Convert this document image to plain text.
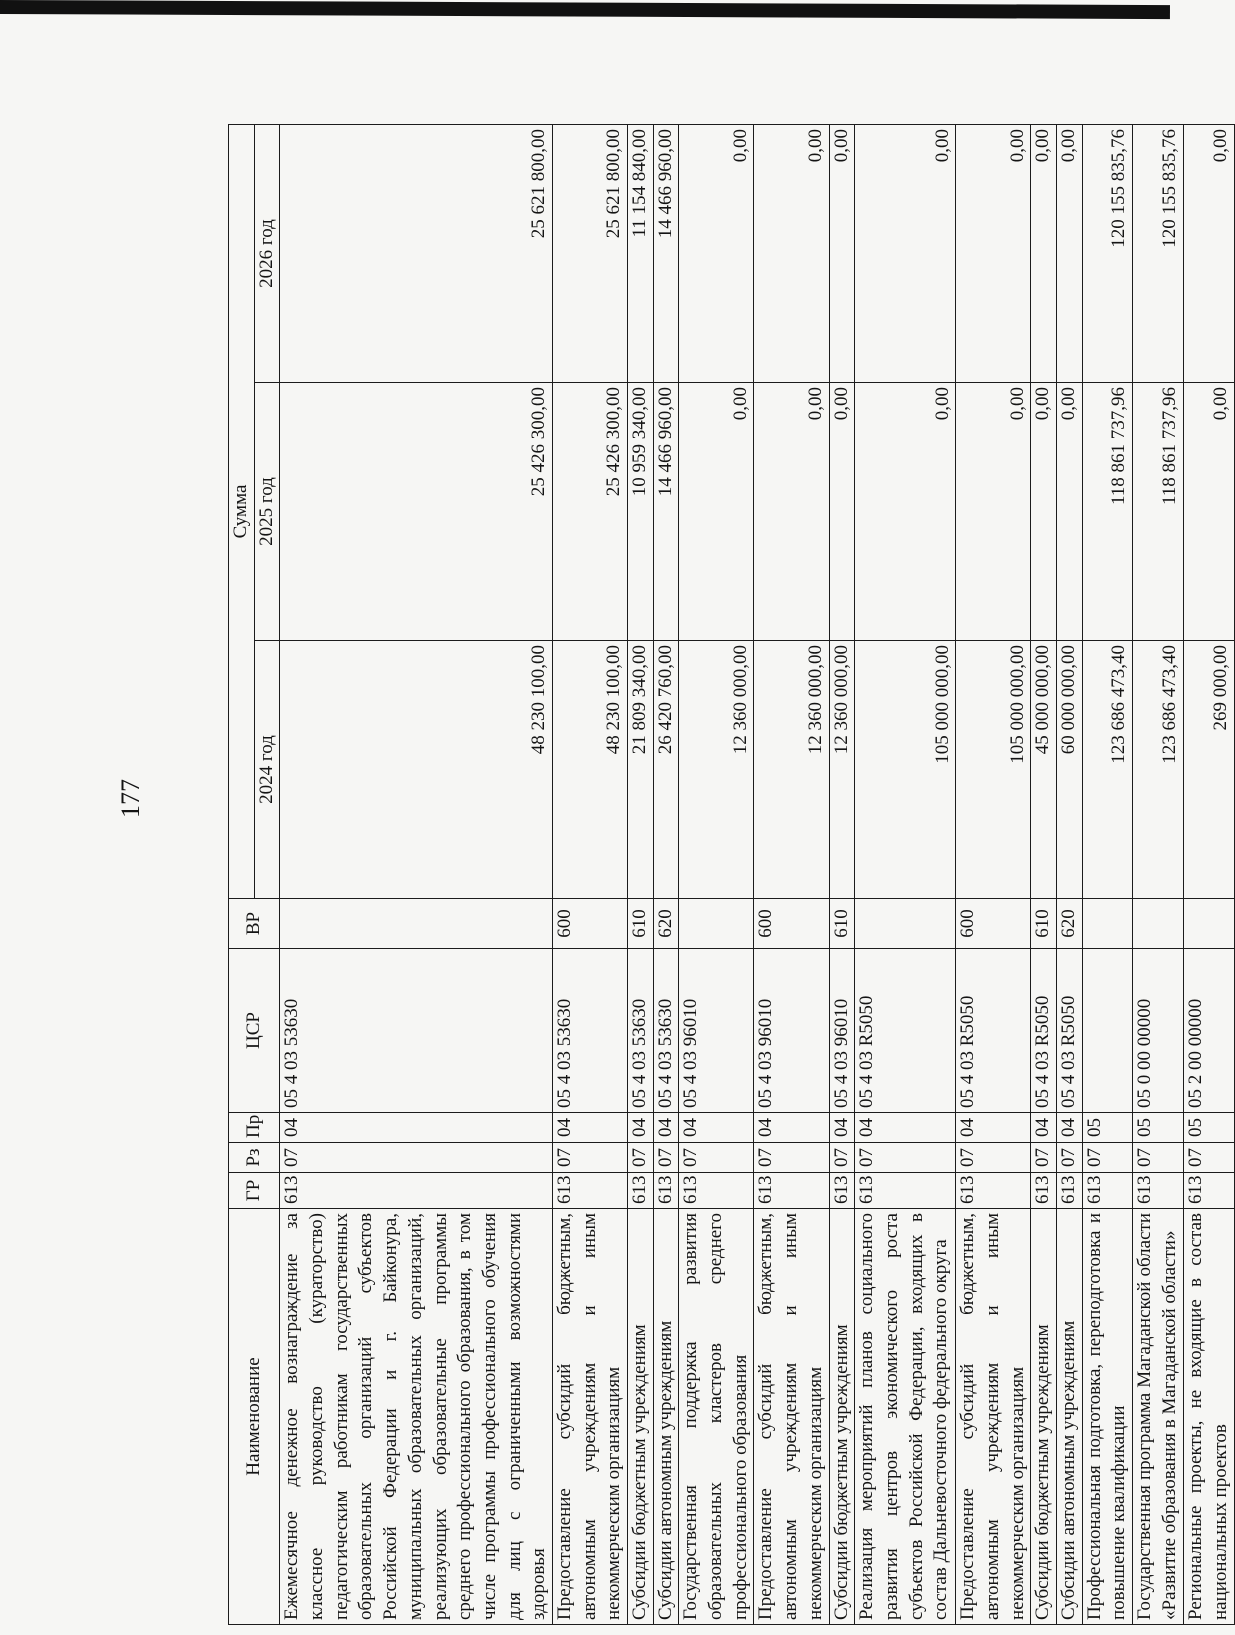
177
Наименование	ГР	Рз	Пр	ЦСР	ВР	Сумма		
						2024 год	2025 год	2026 год
Ежемесячное денежное вознаграждение за классное руководство (кураторство) педагогическим работникам государственных образовательных организаций субъектов Российской Федерации и г. Байконура, муниципальных образовательных организаций, реализующих образовательные программы среднего профессионального образования, в том числе программы профессионального обучения для лиц с ограниченными возможностями здоровья	613	07	04	05 4 03 53630		48 230 100,00	25 426 300,00	25 621 800,00
Предоставление субсидий бюджетным, автономным учреждениям и иным некоммерческим организациям	613	07	04	05 4 03 53630	600	48 230 100,00	25 426 300,00	25 621 800,00
Субсидии бюджетным учреждениям	613	07	04	05 4 03 53630	610	21 809 340,00	10 959 340,00	11 154 840,00
Субсидии автономным учреждениям	613	07	04	05 4 03 53630	620	26 420 760,00	14 466 960,00	14 466 960,00
Государственная поддержка развития образовательных кластеров среднего профессионального образования	613	07	04	05 4 03 96010		12 360 000,00	0,00	0,00
Предоставление субсидий бюджетным, автономным учреждениям и иным некоммерческим организациям	613	07	04	05 4 03 96010	600	12 360 000,00	0,00	0,00
Субсидии бюджетным учреждениям	613	07	04	05 4 03 96010	610	12 360 000,00	0,00	0,00
Реализация мероприятий планов социального развития центров экономического роста субъектов Российской Федерации, входящих в состав Дальневосточного федерального округа	613	07	04	05 4 03 R5050		105 000 000,00	0,00	0,00
Предоставление субсидий бюджетным, автономным учреждениям и иным некоммерческим организациям	613	07	04	05 4 03 R5050	600	105 000 000,00	0,00	0,00
Субсидии бюджетным учреждениям	613	07	04	05 4 03 R5050	610	45 000 000,00	0,00	0,00
Субсидии автономным учреждениям	613	07	04	05 4 03 R5050	620	60 000 000,00	0,00	0,00
Профессиональная подготовка, переподготовка и повышение квалификации	613	07	05			123 686 473,40	118 861 737,96	120 155 835,76
Государственная программа Магаданской области «Развитие образования в Магаданской области»	613	07	05	05 0 00 00000		123 686 473,40	118 861 737,96	120 155 835,76
Региональные проекты, не входящие в состав национальных проектов	613	07	05	05 2 00 00000		269 000,00	0,00	0,00
